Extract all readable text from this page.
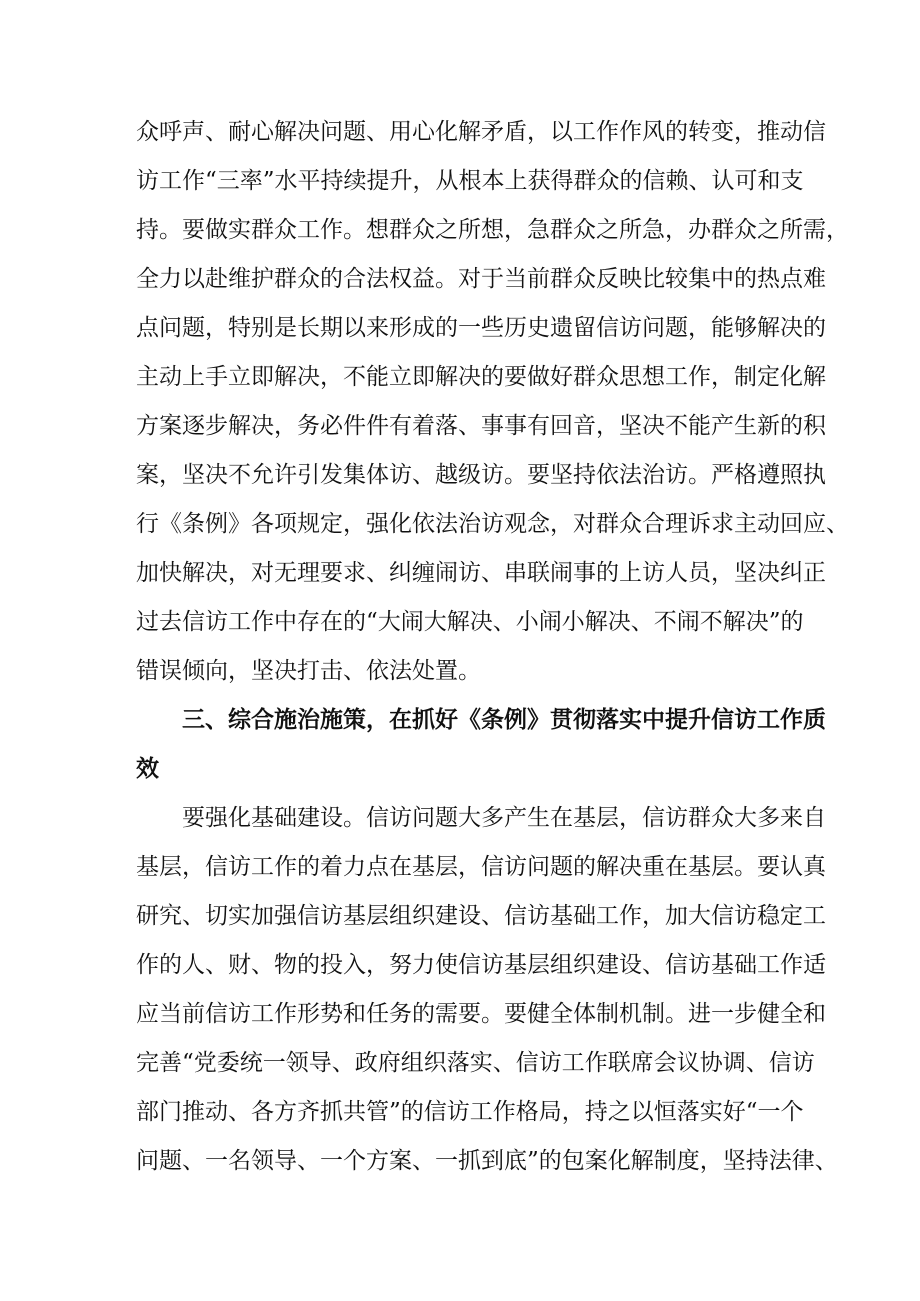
众呼声、耐心解决问题、用心化解矛盾，以工作作风的转变，推动信
访工作“三率”水平持续提升，从根本上获得群众的信赖、认可和支
持。要做实群众工作。想群众之所想，急群众之所急，办群众之所需，
全力以赴维护群众的合法权益。对于当前群众反映比较集中的热点难
点问题，特别是长期以来形成的一些历史遗留信访问题，能够解决的
主动上手立即解决，不能立即解决的要做好群众思想工作，制定化解
方案逐步解决，务必件件有着落、事事有回音，坚决不能产生新的积
案，坚决不允许引发集体访、越级访。要坚持依法治访。严格遵照执
行《条例》各项规定，强化依法治访观念，对群众合理诉求主动回应、
加快解决，对无理要求、纠缠闹访、串联闹事的上访人员，坚决纠正
过去信访工作中存在的“大闹大解决、小闹小解决、不闹不解决”的
错误倾向，坚决打击、依法处置。
三、综合施治施策，在抓好《条例》贯彻落实中提升信访工作质
效
要强化基础建设。信访问题大多产生在基层，信访群众大多来自
基层，信访工作的着力点在基层，信访问题的解决重在基层。要认真
研究、切实加强信访基层组织建设、信访基础工作，加大信访稳定工
作的人、财、物的投入，努力使信访基层组织建设、信访基础工作适
应当前信访工作形势和任务的需要。要健全体制机制。进一步健全和
完善“党委统一领导、政府组织落实、信访工作联席会议协调、信访
部门推动、各方齐抓共管”的信访工作格局，持之以恒落实好“一个
问题、一名领导、一个方案、一抓到底”的包案化解制度，坚持法律、
